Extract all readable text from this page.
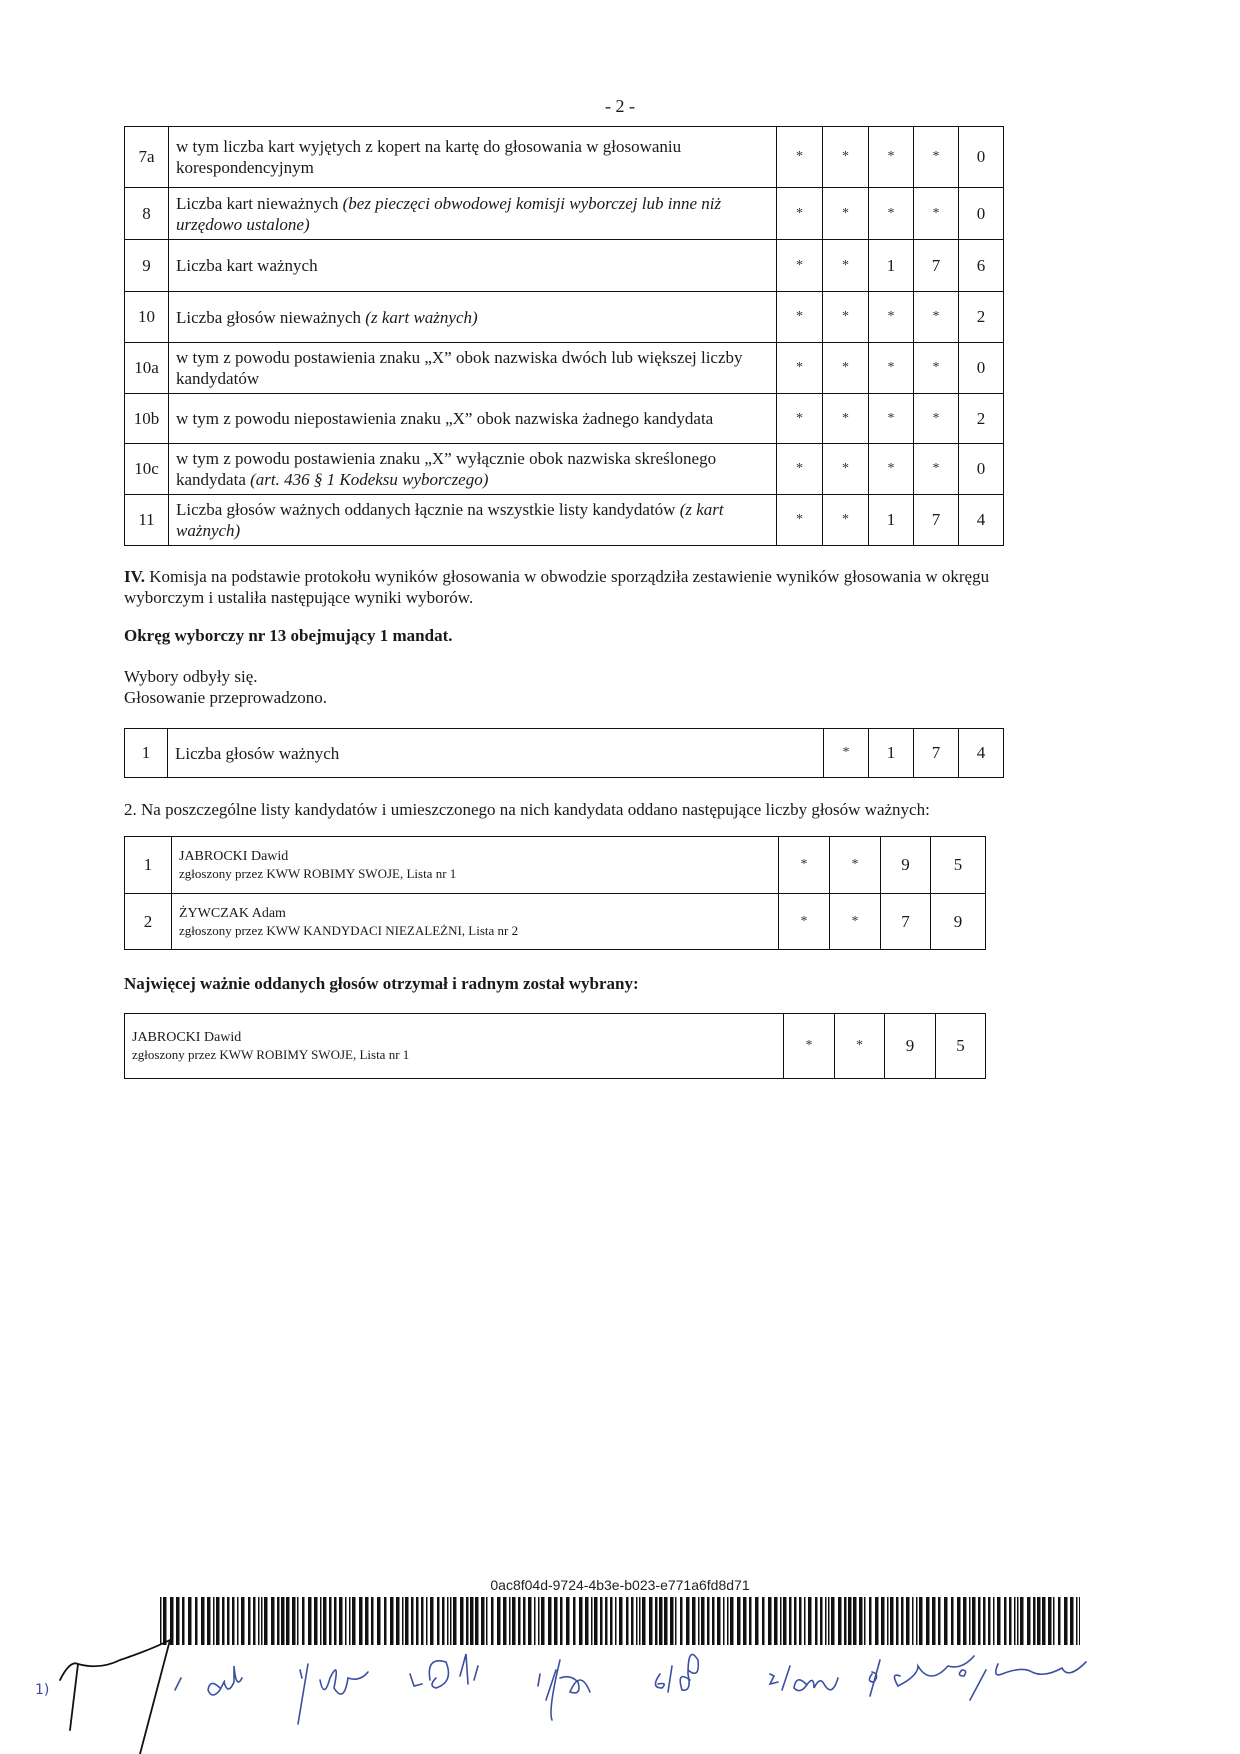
- 2 -
7a	w tym liczba kart wyjętych z kopert na kartę do głosowania w głosowaniu korespondencyjnym	*	*	*	*	0
8	Liczba kart nieważnych (bez pieczęci obwodowej komisji wyborczej lub inne niż urzędowo ustalone)	*	*	*	*	0
9	Liczba kart ważnych	*	*	1	7	6
10	Liczba głosów nieważnych (z kart ważnych)	*	*	*	*	2
10a	w tym z powodu postawienia znaku „X” obok nazwiska dwóch lub większej liczby kandydatów	*	*	*	*	0
10b	w tym z powodu niepostawienia znaku „X” obok nazwiska żadnego kandydata	*	*	*	*	2
10c	w tym z powodu postawienia znaku „X” wyłącznie obok nazwiska skreślonego kandydata (art. 436 § 1 Kodeksu wyborczego)	*	*	*	*	0
11	Liczba głosów ważnych oddanych łącznie na wszystkie listy kandydatów (z kart ważnych)	*	*	1	7	4
IV. Komisja na podstawie protokołu wyników głosowania w obwodzie sporządziła zestawienie wyników głosowania w okręgu wyborczym i ustaliła następujące wyniki wyborów.
Okręg wyborczy nr 13 obejmujący 1 mandat.
Wybory odbyły się.
Głosowanie przeprowadzono.
1	Liczba głosów ważnych	*	1	7	4
2. Na poszczególne listy kandydatów i umieszczonego na nich kandydata oddano następujące liczby głosów ważnych:
1	JABROCKI Dawid
zgłoszony przez KWW ROBIMY SWOJE, Lista nr 1	*	*	9	5
2	ŻYWCZAK Adam
zgłoszony przez KWW KANDYDACI NIEZALEŻNI, Lista nr 2	*	*	7	9
Najwięcej ważnie oddanych głosów otrzymał i radnym został wybrany:
JABROCKI Dawid
zgłoszony przez KWW ROBIMY SWOJE, Lista nr 1
	*	*	9	5
0ac8f04d-9724-4b3e-b023-e771a6fd8d71
1)
